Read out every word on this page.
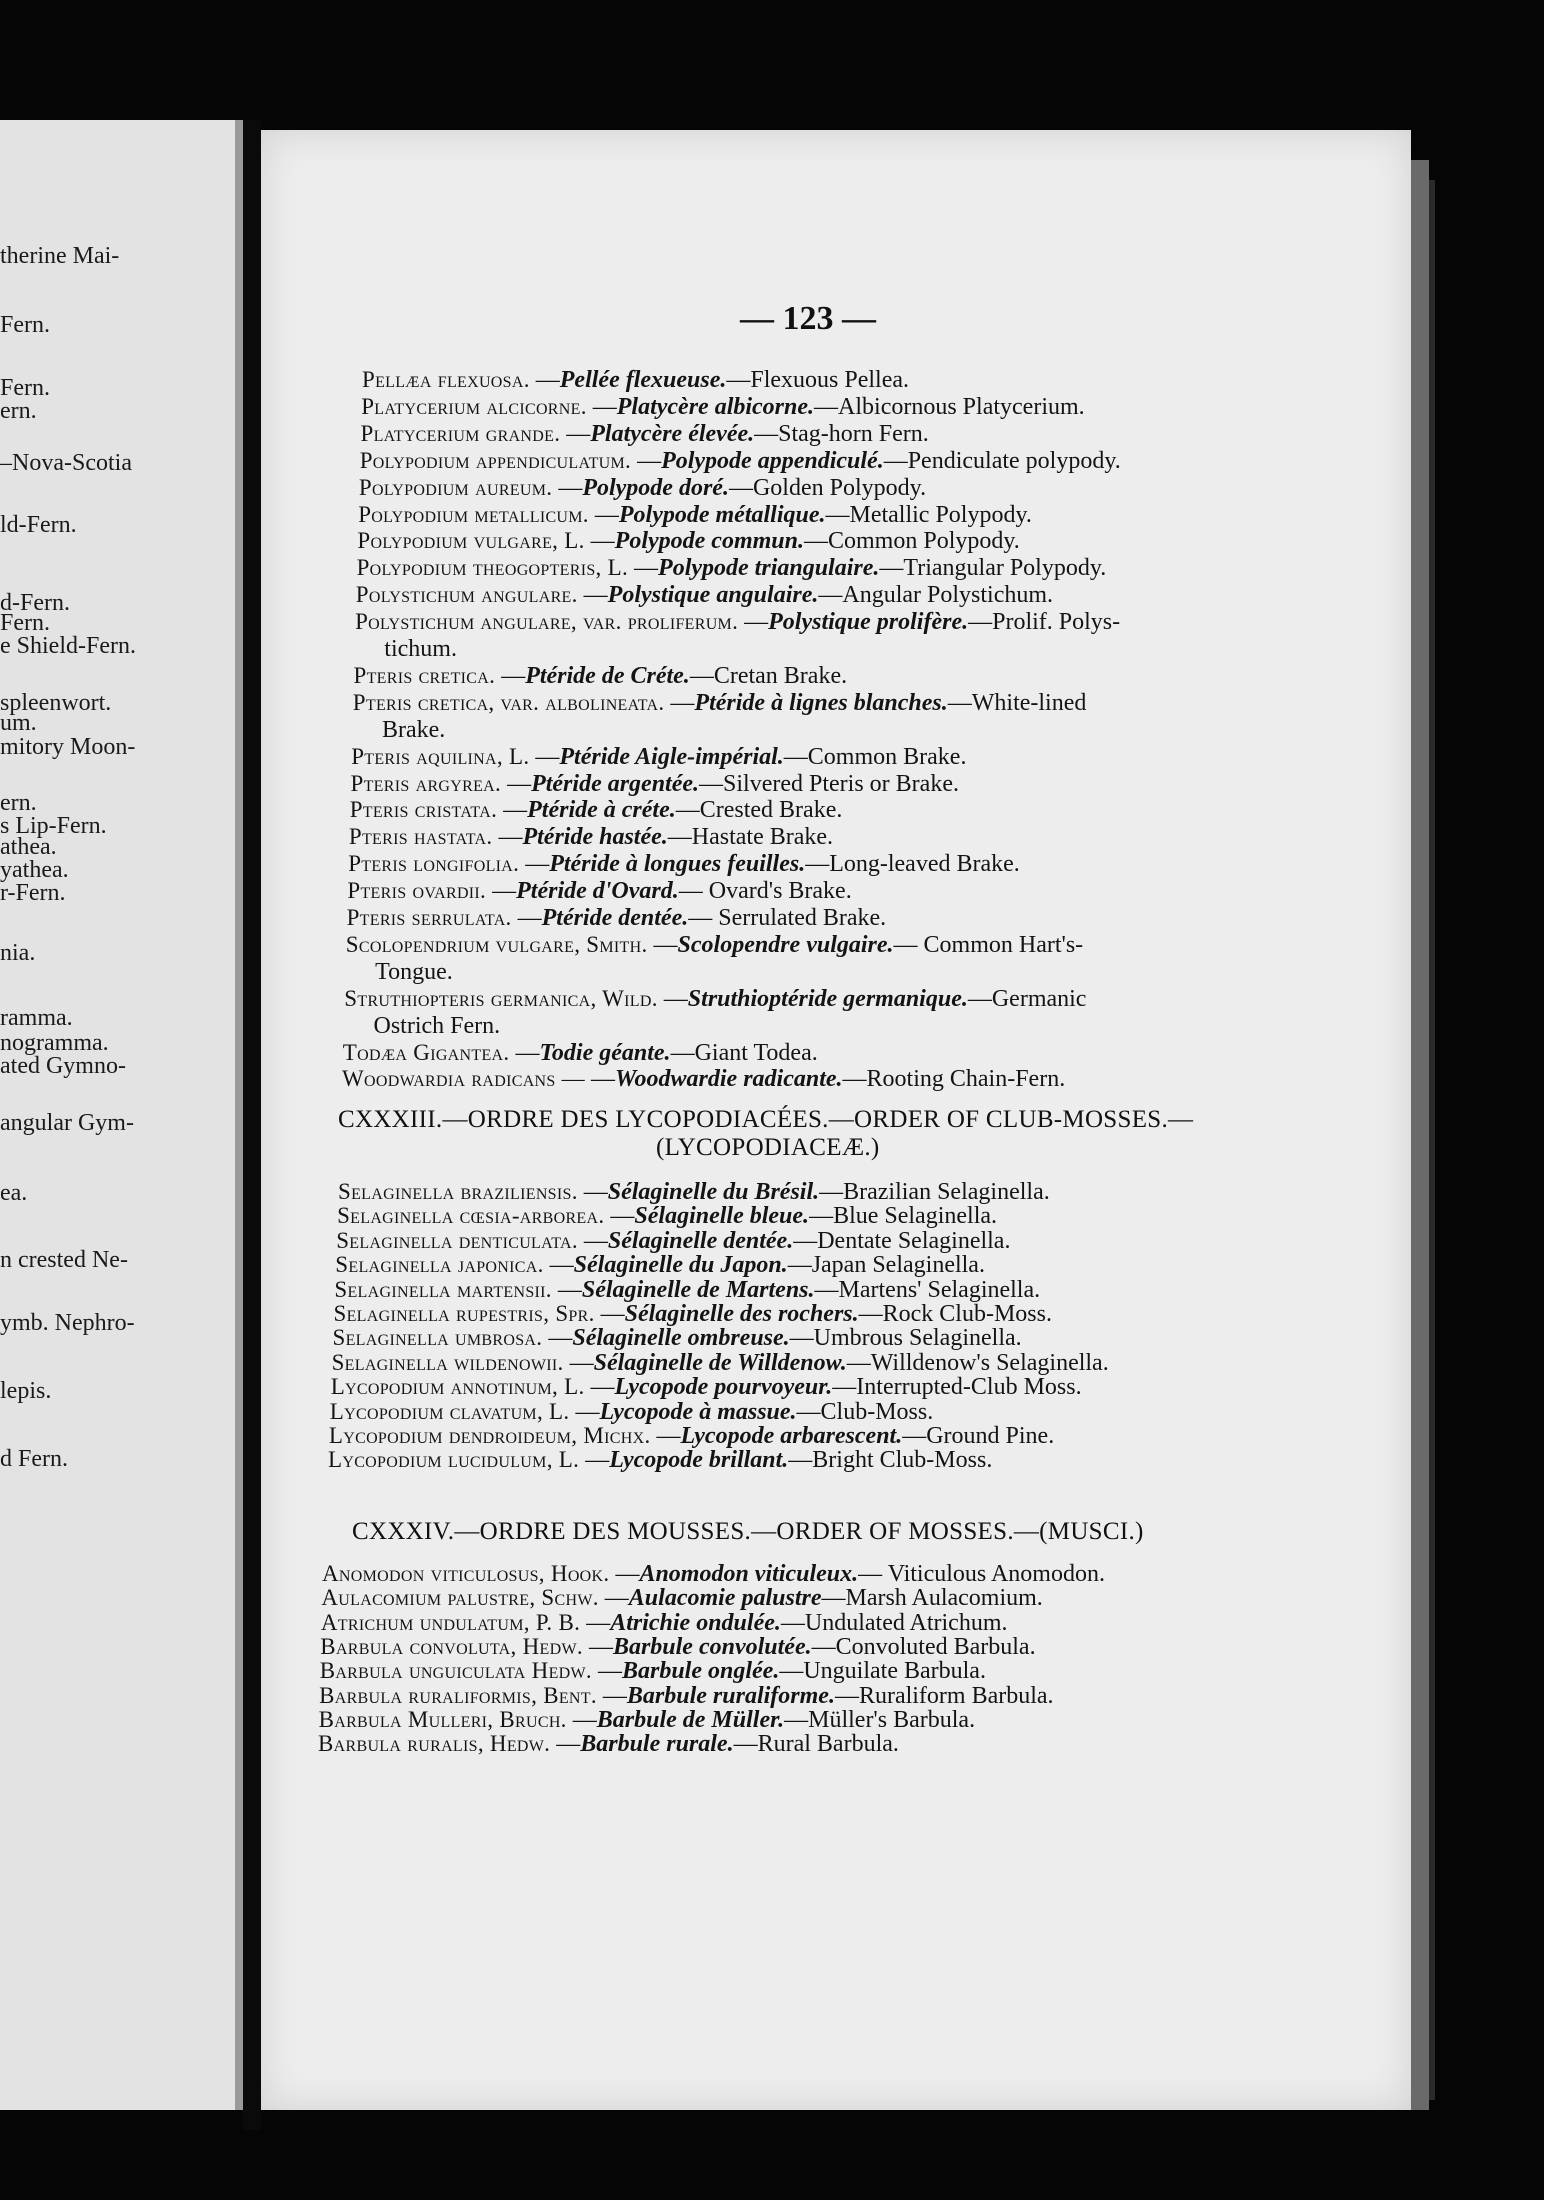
therine Mai-
Fern.
Fern.
ern.
–Nova-Scotia
ld-Fern.
d-Fern.
Fern.
e Shield-Fern.
spleenwort.
um.
mitory Moon-
ern.
s Lip-Fern.
athea.
yathea.
r-Fern.
nia.
ramma.
nogramma.
ated Gymno-
angular Gym-
ea.
n crested Ne-
ymb. Nephro-
lepis.
d Fern.
— 123 —
Pellæa flexuosa. —Pellée flexueuse.—Flexuous Pellea.
Platycerium alcicorne. —Platycère albicorne.—Albicornous Platycerium.
Platycerium grande. —Platycère élevée.—Stag-horn Fern.
Polypodium appendiculatum. —Polypode appendiculé.—Pendiculate polypody.
Polypodium aureum. —Polypode doré.—Golden Polypody.
Polypodium metallicum. —Polypode métallique.—Metallic Polypody.
Polypodium vulgare, L. —Polypode commun.—Common Polypody.
Polypodium theogopteris, L. —Polypode triangulaire.—Triangular Polypody.
Polystichum angulare. —Polystique angulaire.—Angular Polystichum.
Polystichum angulare, var. proliferum. —Polystique prolifère.—Prolif. Polys-
tichum.
Pteris cretica. —Ptéride de Créte.—Cretan Brake.
Pteris cretica, var. albolineata. —Ptéride à lignes blanches.—White-lined
Brake.
Pteris aquilina, L. —Ptéride Aigle-impérial.—Common Brake.
Pteris argyrea. —Ptéride argentée.—Silvered Pteris or Brake.
Pteris cristata. —Ptéride à créte.—Crested Brake.
Pteris hastata. —Ptéride hastée.—Hastate Brake.
Pteris longifolia. —Ptéride à longues feuilles.—Long-leaved Brake.
Pteris ovardii. —Ptéride d'Ovard.— Ovard's Brake.
Pteris serrulata. —Ptéride dentée.— Serrulated Brake.
Scolopendrium vulgare, Smith. —Scolopendre vulgaire.— Common Hart's-
Tongue.
Struthiopteris germanica, Wild. —Struthioptéride germanique.—Germanic
Ostrich Fern.
Todæa Gigantea. —Todie géante.—Giant Todea.
Woodwardia radicans — —Woodwardie radicante.—Rooting Chain-Fern.
CXXXIII.—ORDRE DES LYCOPODIACÉES.—ORDER OF CLUB-MOSSES.—
(LYCOPODIACEÆ.)
Selaginella braziliensis. —Sélaginelle du Brésil.—Brazilian Selaginella.
Selaginella cœsia-arborea. —Sélaginelle bleue.—Blue Selaginella.
Selaginella denticulata. —Sélaginelle dentée.—Dentate Selaginella.
Selaginella japonica. —Sélaginelle du Japon.—Japan Selaginella.
Selaginella martensii. —Sélaginelle de Martens.—Martens' Selaginella.
Selaginella rupestris, Spr. —Sélaginelle des rochers.—Rock Club-Moss.
Selaginella umbrosa. —Sélaginelle ombreuse.—Umbrous Selaginella.
Selaginella wildenowii. —Sélaginelle de Willdenow.—Willdenow's Selaginella.
Lycopodium annotinum, L. —Lycopode pourvoyeur.—Interrupted-Club Moss.
Lycopodium clavatum, L. —Lycopode à massue.—Club-Moss.
Lycopodium dendroideum, Michx. —Lycopode arbarescent.—Ground Pine.
Lycopodium lucidulum, L. —Lycopode brillant.—Bright Club-Moss.
CXXXIV.—ORDRE DES MOUSSES.—ORDER OF MOSSES.—(MUSCI.)
Anomodon viticulosus, Hook. —Anomodon viticuleux.— Viticulous Anomodon.
Aulacomium palustre, Schw. —Aulacomie palustre—Marsh Aulacomium.
Atrichum undulatum, P. B. —Atrichie ondulée.—Undulated Atrichum.
Barbula convoluta, Hedw. —Barbule convolutée.—Convoluted Barbula.
Barbula unguiculata Hedw. —Barbule onglée.—Unguilate Barbula.
Barbula ruraliformis, Bent. —Barbule ruraliforme.—Ruraliform Barbula.
Barbula Mulleri, Bruch. —Barbule de Müller.—Müller's Barbula.
Barbula ruralis, Hedw. —Barbule rurale.—Rural Barbula.
